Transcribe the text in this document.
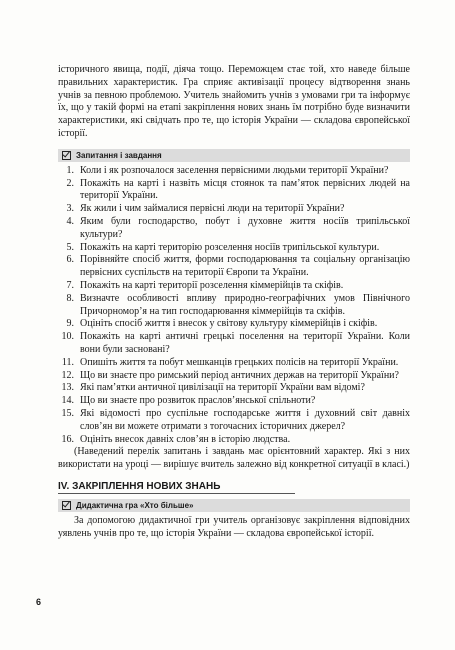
історичного явища, події, діяча тощо. Переможцем стає той, хто наведе більше правильних характеристик. Гра сприяє активізації процесу відтворення знань учнів за певною проблемою. Учитель знайомить учнів з умовами гри та інформує їх, що у такій формі на етапі закріплення нових знань їм потрібно буде визначити характеристики, які свідчать про те, що історія України — складова європейської історії.

Запитання і завдання
1. Коли і як розпочалося заселення первісними людьми території України?
2. Покажіть на карті і назвіть місця стоянок та пам’яток первісних людей на території України.
3. Як жили і чим займалися первісні люди на території України?
4. Яким були господарство, побут і духовне життя носіїв трипільської культури?
5. Покажіть на карті територію розселення носіїв трипільської культури.
6. Порівняйте спосіб життя, форми господарювання та соціальну організацію первісних суспільств на території Європи та України.
7. Покажіть на карті території розселення кіммерійців та скіфів.
8. Визначте особливості впливу природно-географічних умов Північного Причорномор’я на тип господарювання кіммерійців та скіфів.
9. Оцініть спосіб життя і внесок у світову культуру кіммерійців і скіфів.
10. Покажіть на карті античні грецькі поселення на території України. Коли вони були засновані?
11. Опишіть життя та побут мешканців грецьких полісів на території України.
12. Що ви знаєте про римський період античних держав на території України?
13. Які пам’ятки античної цивілізації на території України вам відомі?
14. Що ви знаєте про розвиток праслов’янської спільноти?
15. Які відомості про суспільне господарське життя і духовний світ давніх слов’ян ви можете отримати з тогочасних історичних джерел?
16. Оцініть внесок давніх слов’ян в історію людства.

(Наведений перелік запитань і завдань має орієнтовний характер. Які з них використати на уроці — вирішує вчитель залежно від конкретної ситуації в класі.)

IV. ЗАКРІПЛЕННЯ НОВИХ ЗНАНЬ
Дидактична гра «Хто більше»

За допомогою дидактичної гри учитель організовує закріплення відповідних уявлень учнів про те, що історія України — складова європейської історії.

6
